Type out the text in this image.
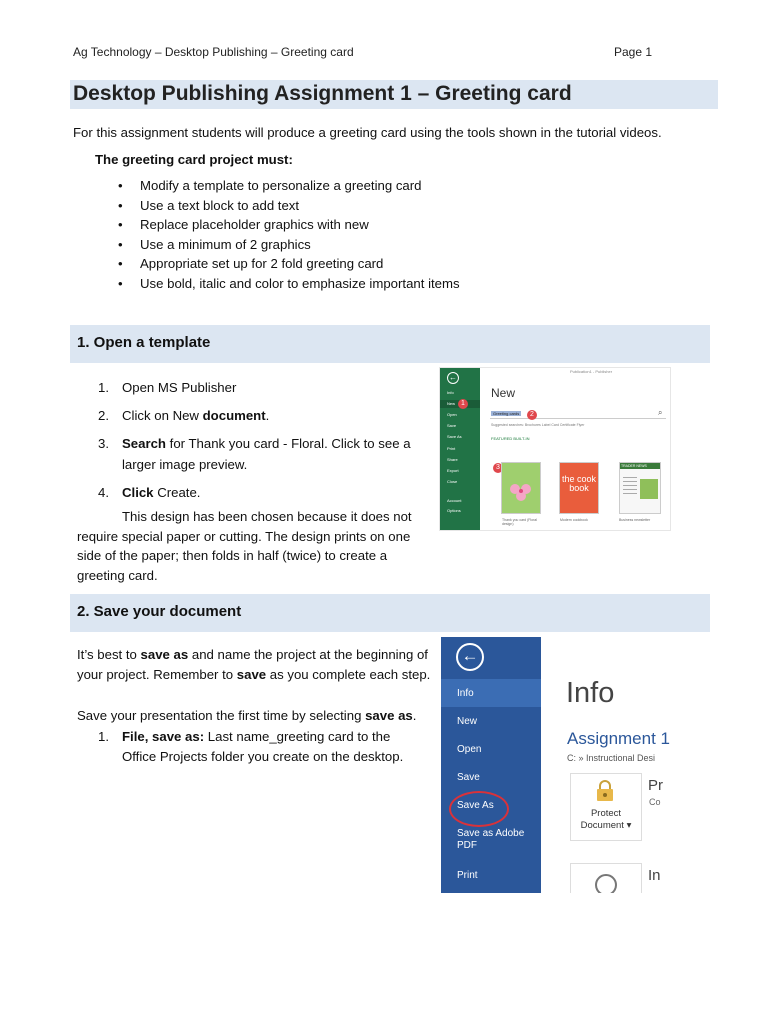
Ag Technology – Desktop Publishing – Greeting card	Page 1
Desktop Publishing Assignment 1 – Greeting card
For this assignment students will produce a greeting card using the tools shown in the tutorial videos.
The greeting card project must:
• Modify a template to personalize a greeting card
• Use a text block to add text
• Replace placeholder graphics with new
• Use a minimum of 2 graphics
• Appropriate set up for 2 fold greeting card
• Use bold, italic and color to emphasize important items
1. Open a template
1. Open MS Publisher
2. Click on New document.
3. Search for Thank you card - Floral. Click to see a larger image preview.
4. Click Create.
This design has been chosen because it does not require special paper or cutting. The design prints on one side of the paper; then folds in half (twice) to create a greeting card.
←
Info
New
Open
Save
Save As
Print
Share
Export
Close
Account
Options
1
Publication1 - Publisher
New
Greeting cards	2	⌕
Suggested searches: Brochures Label Card Certificate Flyer
FEATURED BUILT-IN
3
the cook book
TRADER NEWS
Thank you card (Floral design)
Modern cookbook	Business newsletter
2. Save your document
It’s best to save as and name the project at the beginning of your project. Remember to save as you complete each step.
Save your presentation the first time by selecting save as.
1. File, save as: Last name_greeting card to the Office Projects folder you create on the desktop.
←
Info
New
Open
Save
Save As
Save as Adobe PDF
Print
Info
Assignment 1
C: » Instructional Desi
Protect Document ▾
Pr
Co
In
